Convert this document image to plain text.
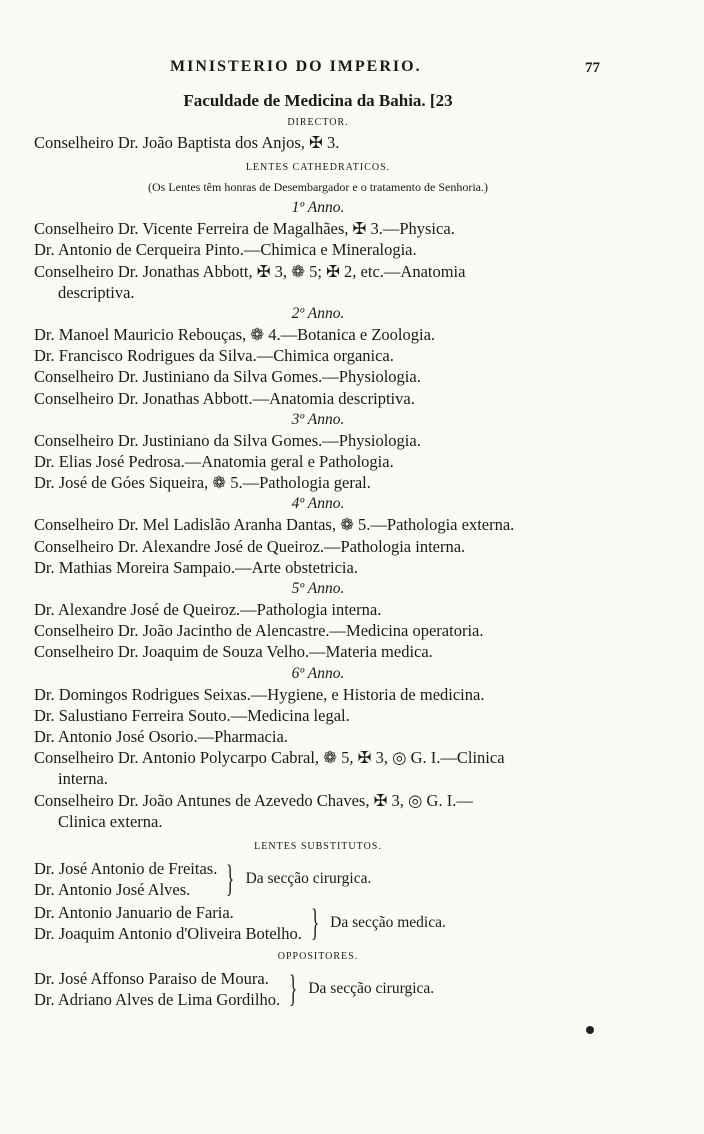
MINISTERIO DO IMPERIO.	77
Faculdade de Medicina da Bahia. [23
DIRECTOR.
Conselheiro Dr. João Baptista dos Anjos, ✠ 3.
LENTES CATHEDRATICOS.
(Os Lentes têm honras de Desembargador e o tratamento de Senhoria.)
1º Anno.
Conselheiro Dr. Vicente Ferreira de Magalhães, ✠ 3.—Physica.
Dr. Antonio de Cerqueira Pinto.—Chimica e Mineralogia.
Conselheiro Dr. Jonathas Abbott, ✠ 3, ❁ 5; ✠ 2, etc.—Anatomia
descriptiva.
2º Anno.
Dr. Manoel Mauricio Rebouças, ❁ 4.—Botanica e Zoologia.
Dr. Francisco Rodrigues da Silva.—Chimica organica.
Conselheiro Dr. Justiniano da Silva Gomes.—Physiologia.
Conselheiro Dr. Jonathas Abbott.—Anatomia descriptiva.
3º Anno.
Conselheiro Dr. Justiniano da Silva Gomes.—Physiologia.
Dr. Elias José Pedrosa.—Anatomia geral e Pathologia.
Dr. José de Góes Siqueira, ❁ 5.—Pathologia geral.
4º Anno.
Conselheiro Dr. Mel Ladislão Aranha Dantas, ❁ 5.—Pathologia externa.
Conselheiro Dr. Alexandre José de Queiroz.—Pathologia interna.
Dr. Mathias Moreira Sampaio.—Arte obstetricia.
5º Anno.
Dr. Alexandre José de Queiroz.—Pathologia interna.
Conselheiro Dr. João Jacintho de Alencastre.—Medicina operatoria.
Conselheiro Dr. Joaquim de Souza Velho.—Materia medica.
6º Anno.
Dr. Domingos Rodrigues Seixas.—Hygiene, e Historia de medicina.
Dr. Salustiano Ferreira Souto.—Medicina legal.
Dr. Antonio José Osorio.—Pharmacia.
Conselheiro Dr. Antonio Polycarpo Cabral, ❁ 5, ✠ 3, ◎ G. I.—Clinica
interna.
Conselheiro Dr. João Antunes de Azevedo Chaves, ✠ 3, ◎ G. I.—
Clinica externa.
LENTES SUBSTITUTOS.
Dr. José Antonio de Freitas.
Dr. Antonio José Alves. } Da secção cirurgica.
Dr. Antonio Januario de Faria.
Dr. Joaquim Antonio d'Oliveira Botelho. } Da secção medica.
OPPOSITORES.
Dr. José Affonso Paraiso de Moura.
Dr. Adriano Alves de Lima Gordilho. } Da secção cirurgica.
